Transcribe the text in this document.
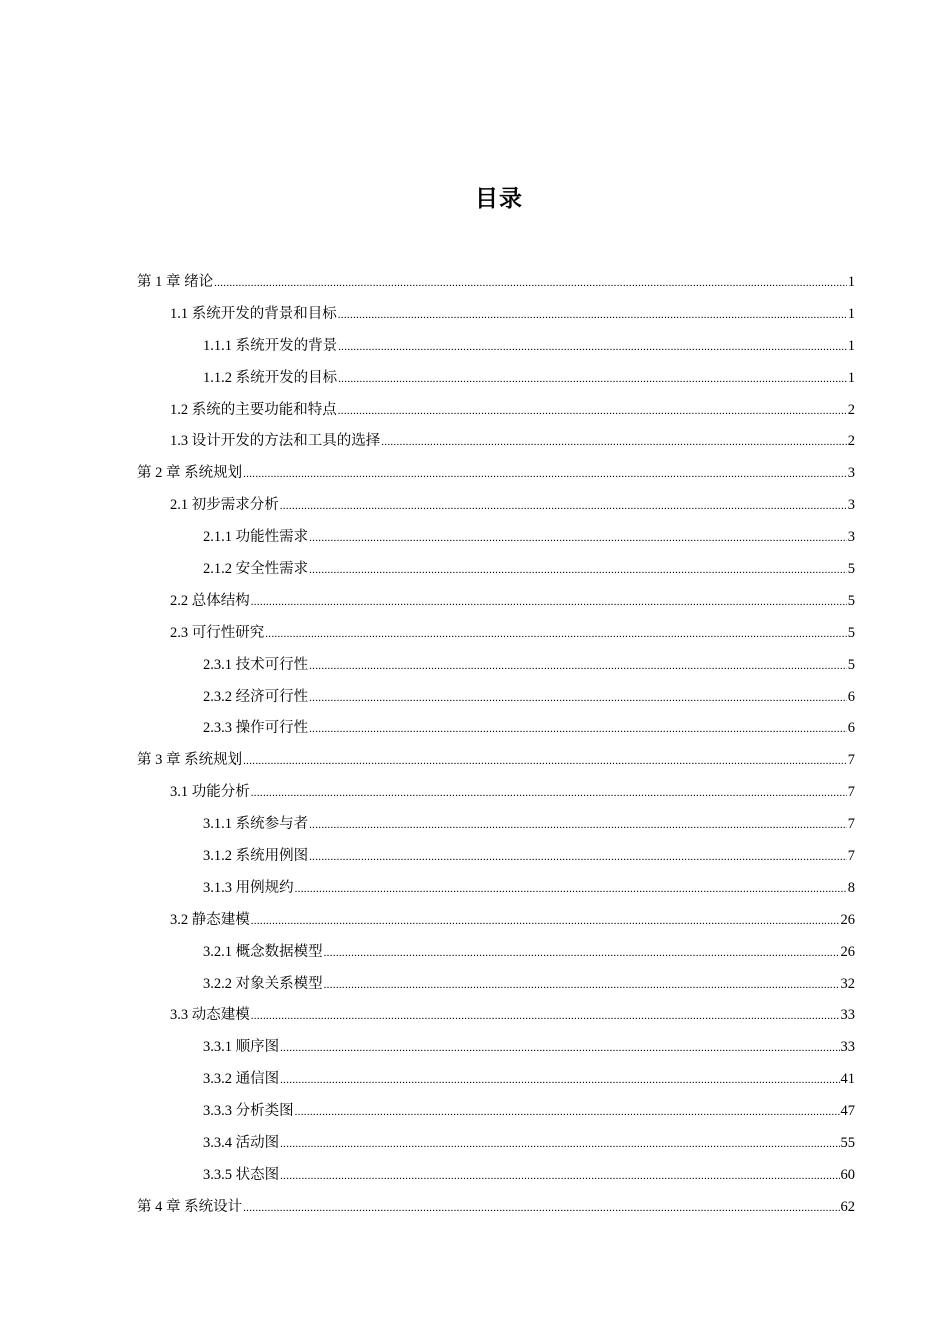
目录
第 1 章 绪论 .....	1
1.1 系统开发的背景和目标 .....	1
1.1.1 系统开发的背景 .....	1
1.1.2 系统开发的目标 .....	1
1.2 系统的主要功能和特点 .....	2
1.3 设计开发的方法和工具的选择 .....	2
第 2 章 系统规划 .....	3
2.1 初步需求分析 .....	3
2.1.1 功能性需求 .....	3
2.1.2 安全性需求 .....	5
2.2 总体结构 .....	5
2.3 可行性研究 .....	5
2.3.1 技术可行性 .....	5
2.3.2 经济可行性 .....	6
2.3.3 操作可行性 .....	6
第 3 章 系统规划 .....	7
3.1 功能分析 .....	7
3.1.1 系统参与者 .....	7
3.1.2 系统用例图 .....	7
3.1.3 用例规约 .....	8
3.2 静态建模 .....	26
3.2.1 概念数据模型 .....	26
3.2.2 对象关系模型 .....	32
3.3 动态建模 .....	33
3.3.1 顺序图 .....	33
3.3.2 通信图 .....	41
3.3.3 分析类图 .....	47
3.3.4 活动图 .....	55
3.3.5 状态图 .....	60
第 4 章 系统设计 .....	62
